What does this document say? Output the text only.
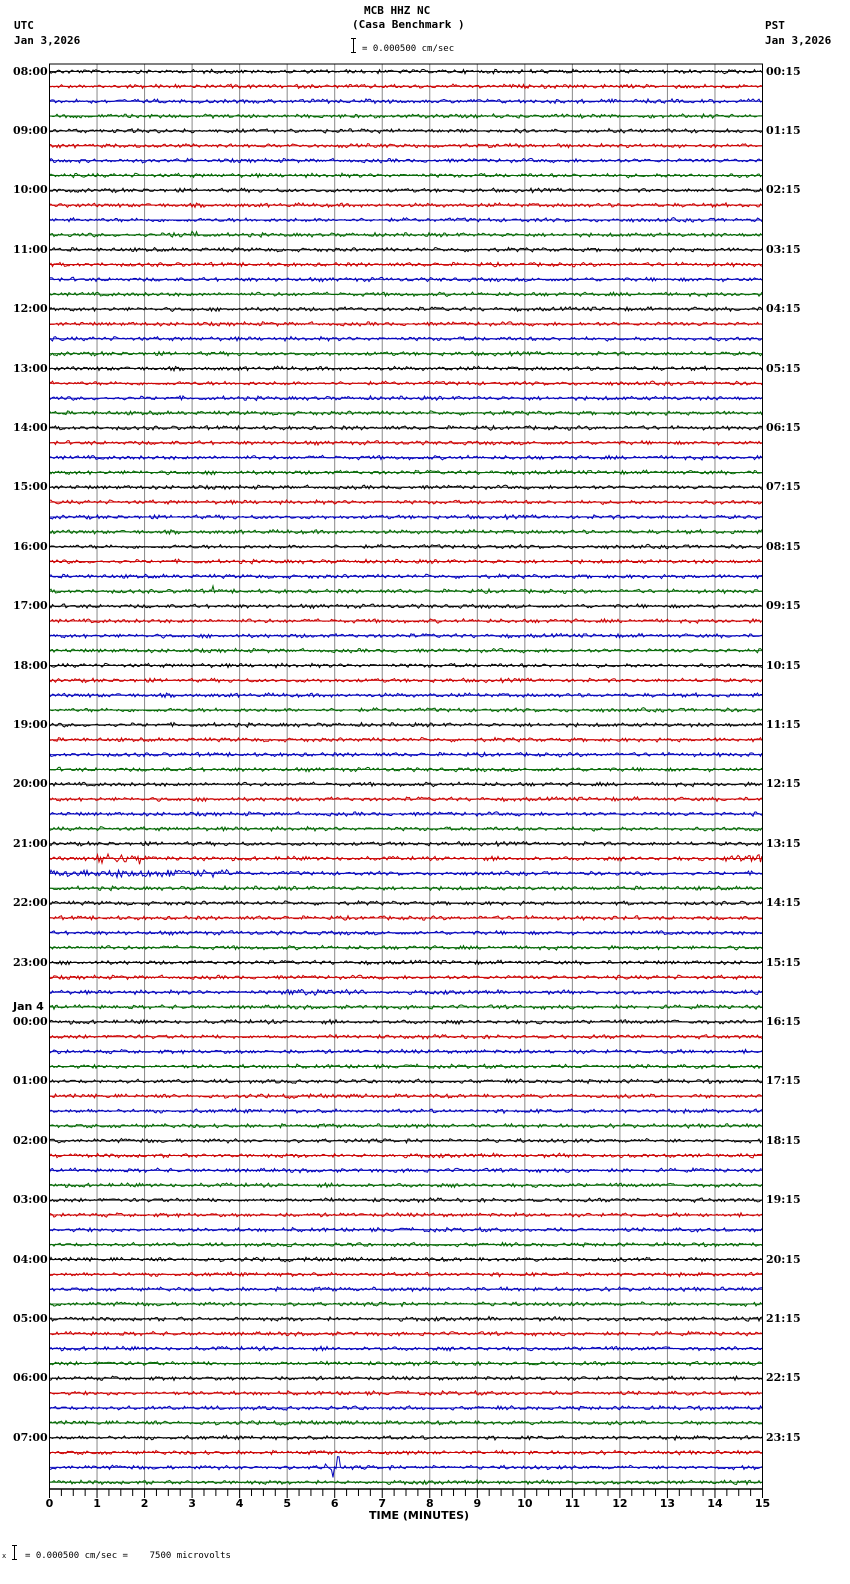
MCB HHZ NC
(Casa Benchmark )
= 0.000500 cm/sec
UTC
Jan 3,2026
PST
Jan 3,2026
08:00
09:00
10:00
11:00
12:00
13:00
14:00
15:00
16:00
17:00
18:00
19:00
20:00
21:00
22:00
23:00
Jan 4
00:00
01:00
02:00
03:00
04:00
05:00
06:00
07:00
00:15
01:15
02:15
03:15
04:15
05:15
06:15
07:15
08:15
09:15
10:15
11:15
12:15
13:15
14:15
15:15
16:15
17:15
18:15
19:15
20:15
21:15
22:15
23:15
0	1	2	3	4	5	6	7	8	9	10	11	12	13	14	15
TIME (MINUTES)
x = 0.000500 cm/sec =    7500 microvolts
